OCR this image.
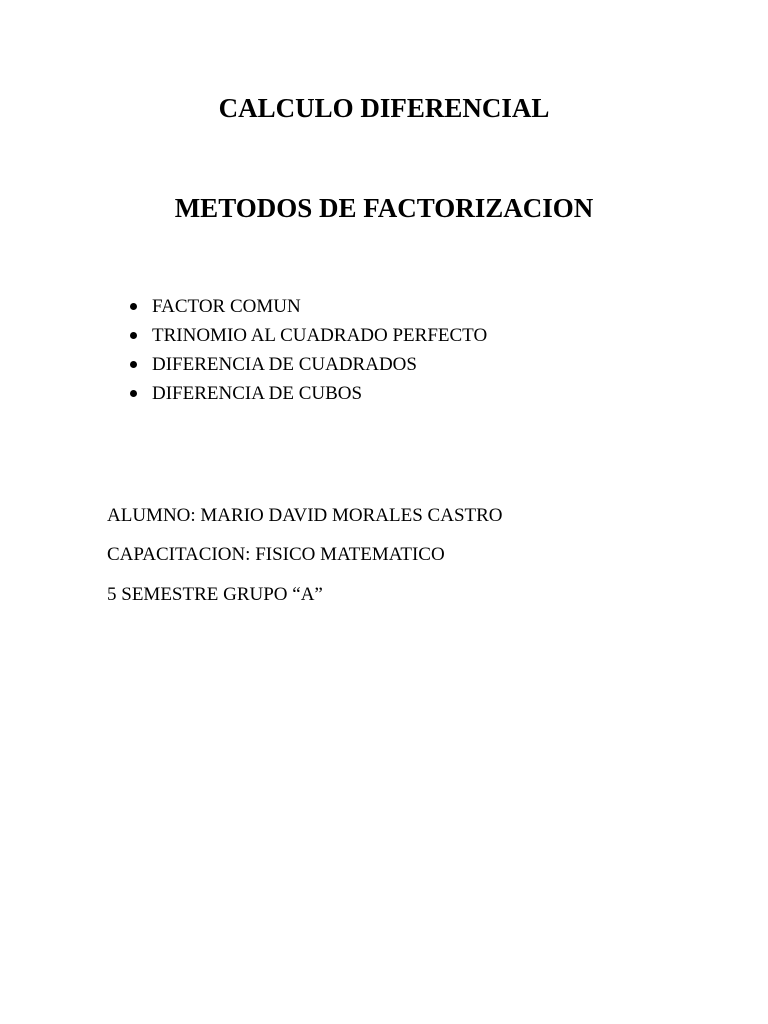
CALCULO DIFERENCIAL
METODOS DE FACTORIZACION
FACTOR COMUN
TRINOMIO AL CUADRADO PERFECTO
DIFERENCIA DE CUADRADOS
DIFERENCIA DE CUBOS

ALUMNO: MARIO DAVID MORALES CASTRO

CAPACITACION: FISICO MATEMATICO

5 SEMESTRE GRUPO “A”
